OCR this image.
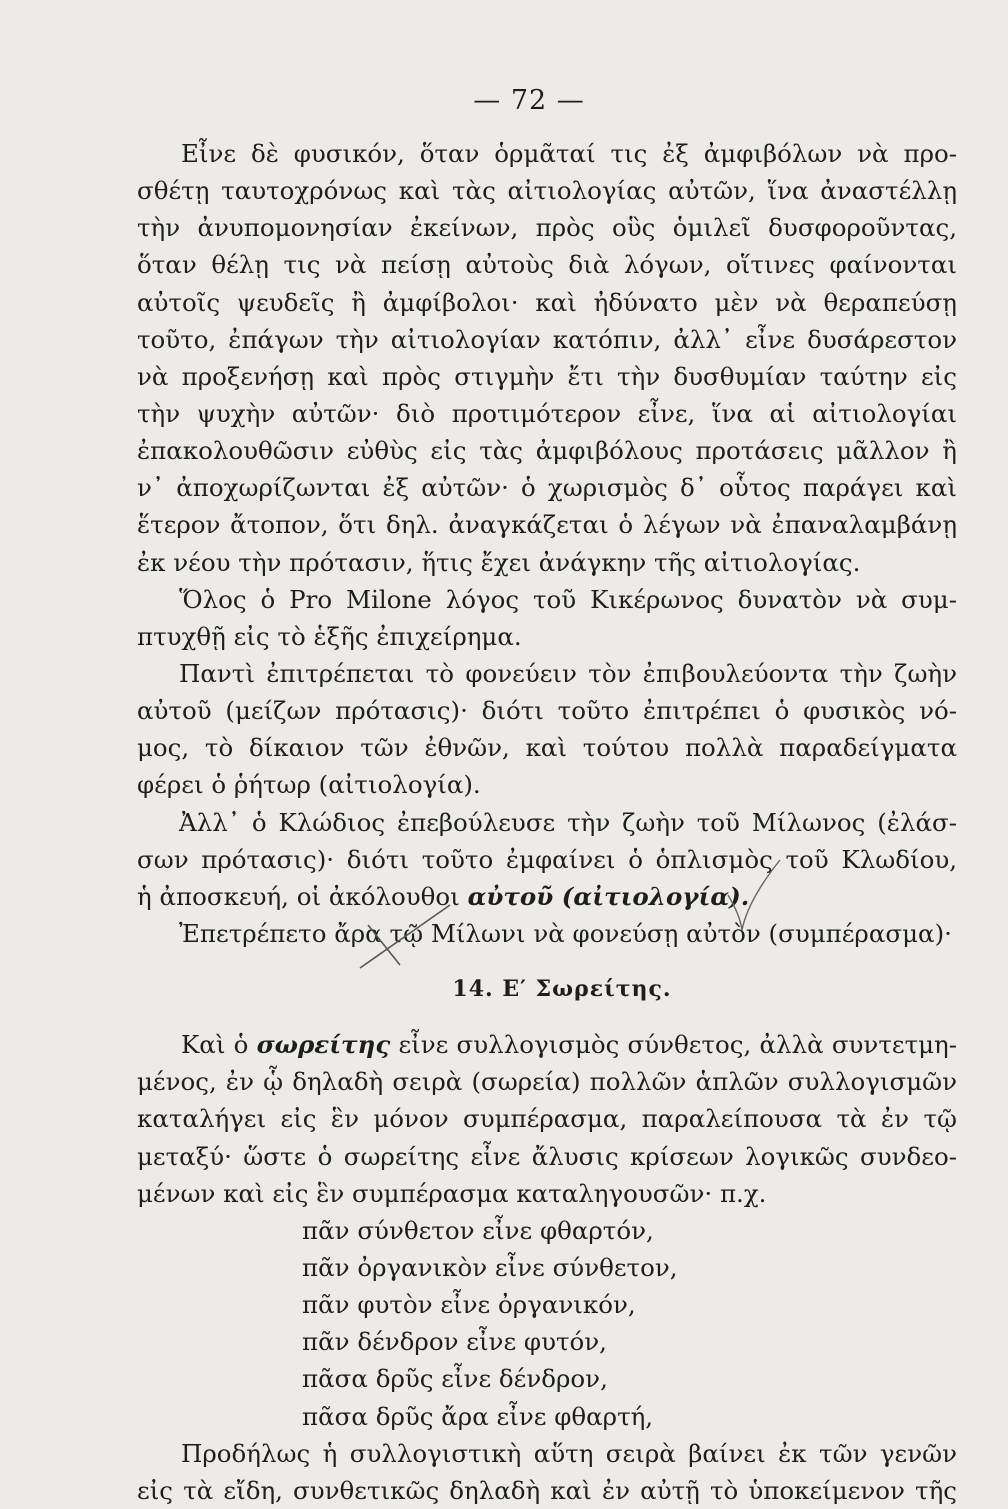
— 72 —
Εἶνε δὲ φυσικόν, ὅταν ὁρμᾶταί τις ἐξ ἀμφιβόλων νὰ προ-
σθέτῃ ταυτοχρόνως καὶ τὰς αἰτιολογίας αὐτῶν, ἵνα ἀναστέλλῃ
τὴν ἀνυπομονησίαν ἐκείνων, πρὸς οὓς ὁμιλεῖ δυσφοροῦντας,
ὅταν θέλῃ τις νὰ πείσῃ αὐτοὺς διὰ λόγων, οἵτινες φαίνονται
αὐτοῖς ψευδεῖς ἢ ἀμφίβολοι· καὶ ἠδύνατο μὲν νὰ θεραπεύσῃ
τοῦτο, ἐπάγων τὴν αἰτιολογίαν κατόπιν, ἀλλ᾽ εἶνε δυσάρεστον
νὰ προξενήσῃ καὶ πρὸς στιγμὴν ἔτι τὴν δυσθυμίαν ταύτην εἰς
τὴν ψυχὴν αὐτῶν· διὸ προτιμότερον εἶνε, ἵνα αἱ αἰτιολογίαι
ἐπακολουθῶσιν εὐθὺς εἰς τὰς ἀμφιβόλους προτάσεις μᾶλλον ἢ
ν᾽ ἀποχωρίζωνται ἐξ αὐτῶν· ὁ χωρισμὸς δ᾽ οὗτος παράγει καὶ
ἕτερον ἄτοπον, ὅτι δηλ. ἀναγκάζεται ὁ λέγων νὰ ἐπαναλαμβάνῃ
ἐκ νέου τὴν πρότασιν, ἥτις ἔχει ἀνάγκην τῆς αἰτιολογίας.
Ὅλος ὁ Pro Milone λόγος τοῦ Κικέρωνος δυνατὸν νὰ συμ-
πτυχθῇ εἰς τὸ ἑξῆς ἐπιχείρημα.
Παντὶ ἐπιτρέπεται τὸ φονεύειν τὸν ἐπιβουλεύοντα τὴν ζωὴν
αὐτοῦ (μείζων πρότασις)· διότι τοῦτο ἐπιτρέπει ὁ φυσικὸς νό-
μος, τὸ δίκαιον τῶν ἐθνῶν, καὶ τούτου πολλὰ παραδείγματα
φέρει ὁ ῥήτωρ (αἰτιολογία).
Ἀλλ᾽ ὁ Κλώδιος ἐπεβούλευσε τὴν ζωὴν τοῦ Μίλωνος (ἐλάσ-
σων πρότασις)· διότι τοῦτο ἐμφαίνει ὁ ὁπλισμὸς τοῦ Κλωδίου,
ἡ ἀποσκευή, οἱ ἀκόλουθοι αὐτοῦ (αἰτιολογία).
Ἐπετρέπετο ἄρα τῷ Μίλωνι νὰ φονεύσῃ αὐτὸν (συμπέρασμα)·
14. Ε′ Σωρείτης.
Καὶ ὁ σωρείτης εἶνε συλλογισμὸς σύνθετος, ἀλλὰ συντετμη-
μένος, ἐν ᾧ δηλαδὴ σειρὰ (σωρεία) πολλῶν ἁπλῶν συλλογισμῶν
καταλήγει εἰς ἓν μόνον συμπέρασμα, παραλείπουσα τὰ ἐν τῷ
μεταξύ· ὥστε ὁ σωρείτης εἶνε ἄλυσις κρίσεων λογικῶς συνδεο-
μένων καὶ εἰς ἓν συμπέρασμα καταληγουσῶν· π.χ.
πᾶν σύνθετον εἶνε φθαρτόν,
πᾶν ὀργανικὸν εἶνε σύνθετον,
πᾶν φυτὸν εἶνε ὀργανικόν,
πᾶν δένδρον εἶνε φυτόν,
πᾶσα δρῦς εἶνε δένδρον,
πᾶσα δρῦς ἄρα εἶνε φθαρτή,
Προδήλως ἡ συλλογιστικὴ αὕτη σειρὰ βαίνει ἐκ τῶν γενῶν
εἰς τὰ εἴδη, συνθετικῶς δηλαδὴ καὶ ἐν αὐτῇ τὸ ὑποκείμενον τῆς
